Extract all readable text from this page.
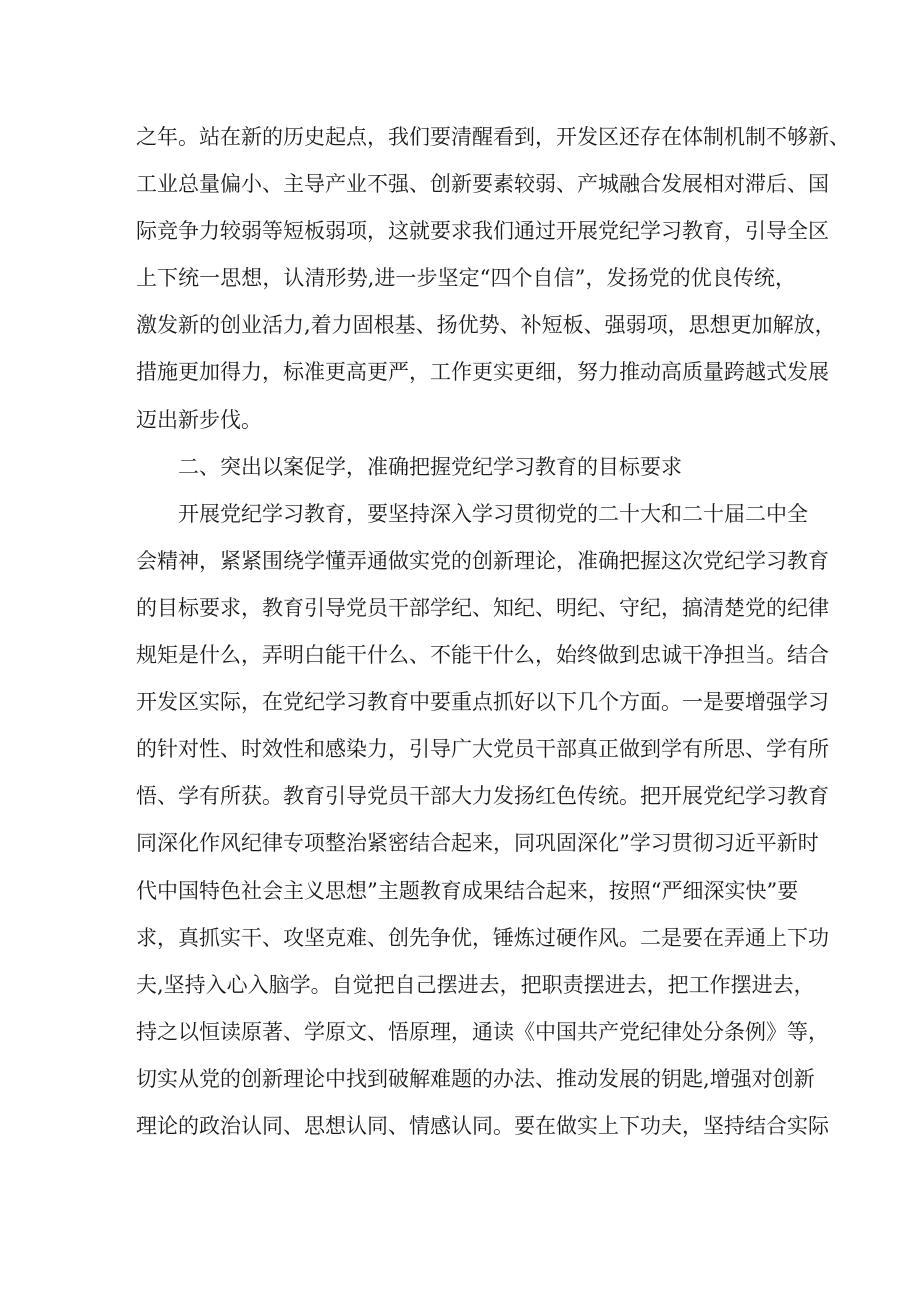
之年。站在新的历史起点，我们要清醒看到，开发区还存在体制机制不够新、
工业总量偏小、主导产业不强、创新要素较弱、产城融合发展相对滞后、国
际竞争力较弱等短板弱项，这就要求我们通过开展党纪学习教育，引导全区
上下统一思想，认清形势,进一步坚定“四个自信”，发扬党的优良传统，
激发新的创业活力,着力固根基、扬优势、补短板、强弱项，思想更加解放，
措施更加得力，标准更高更严，工作更实更细，努力推动高质量跨越式发展
迈出新步伐。
二、突出以案促学，准确把握党纪学习教育的目标要求
开展党纪学习教育，要坚持深入学习贯彻党的二十大和二十届二中全
会精神，紧紧围绕学懂弄通做实党的创新理论，准确把握这次党纪学习教育
的目标要求，教育引导党员干部学纪、知纪、明纪、守纪，搞清楚党的纪律
规矩是什么，弄明白能干什么、不能干什么，始终做到忠诚干净担当。结合
开发区实际，在党纪学习教育中要重点抓好以下几个方面。一是要增强学习
的针对性、时效性和感染力，引导广大党员干部真正做到学有所思、学有所
悟、学有所获。教育引导党员干部大力发扬红色传统。把开展党纪学习教育
同深化作风纪律专项整治紧密结合起来，同巩固深化”学习贯彻习近平新时
代中国特色社会主义思想”主题教育成果结合起来，按照“严细深实快”要
求，真抓实干、攻坚克难、创先争优，锤炼过硬作风。二是要在弄通上下功
夫,坚持入心入脑学。自觉把自己摆进去，把职责摆进去，把工作摆进去，
持之以恒读原著、学原文、悟原理，通读《中国共产党纪律处分条例》等，
切实从党的创新理论中找到破解难题的办法、推动发展的钥匙,增强对创新
理论的政治认同、思想认同、情感认同。要在做实上下功夫，坚持结合实际
